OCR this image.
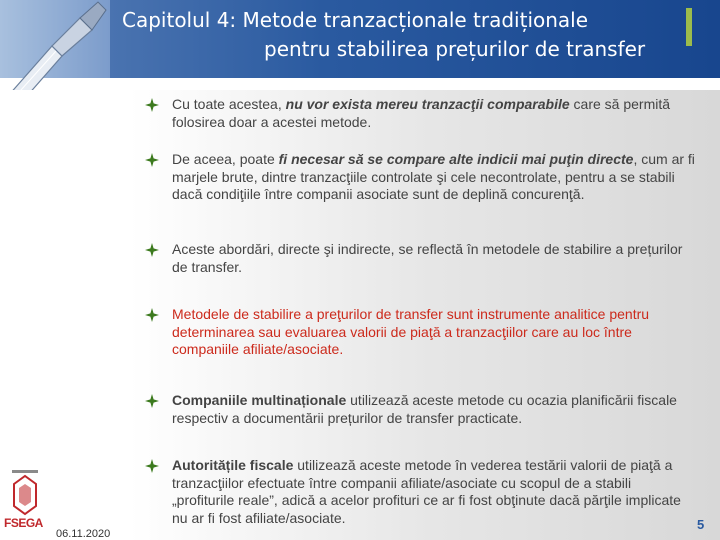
Capitolul 4: Metode tranzacționale tradiționale
pentru stabilirea prețurilor de transfer
Cu toate acestea, nu vor exista mereu tranzacţii comparabile care să permită folosirea doar a acestei metode.
De aceea, poate fi necesar să se compare alte indicii mai puţin directe, cum ar fi marjele brute, dintre tranzacţiile controlate şi cele necontrolate, pentru a se stabili dacă condiţiile între companii asociate sunt de deplină concurenţă.
Aceste abordări, directe şi indirecte, se reflectă în metodele de stabilire a prețurilor de transfer.
Metodele de stabilire a preţurilor de transfer sunt instrumente analitice pentru determinarea sau evaluarea valorii de piaţă a tranzacţiilor care au loc între companiile afiliate/asociate.
Companiile multinaționale utilizează aceste metode cu ocazia planificării fiscale respectiv a documentării prețurilor de transfer practicate.
Autoritățile fiscale utilizează aceste metode în vederea testării valorii de piaţă a tranzacţiilor efectuate între companii afiliate/asociate cu scopul de a stabili „profiturile reale”, adică a acelor profituri ce ar fi fost obţinute dacă părţile implicate nu ar fi fost afiliate/asociate.
FSEGA
06.11.2020
5
